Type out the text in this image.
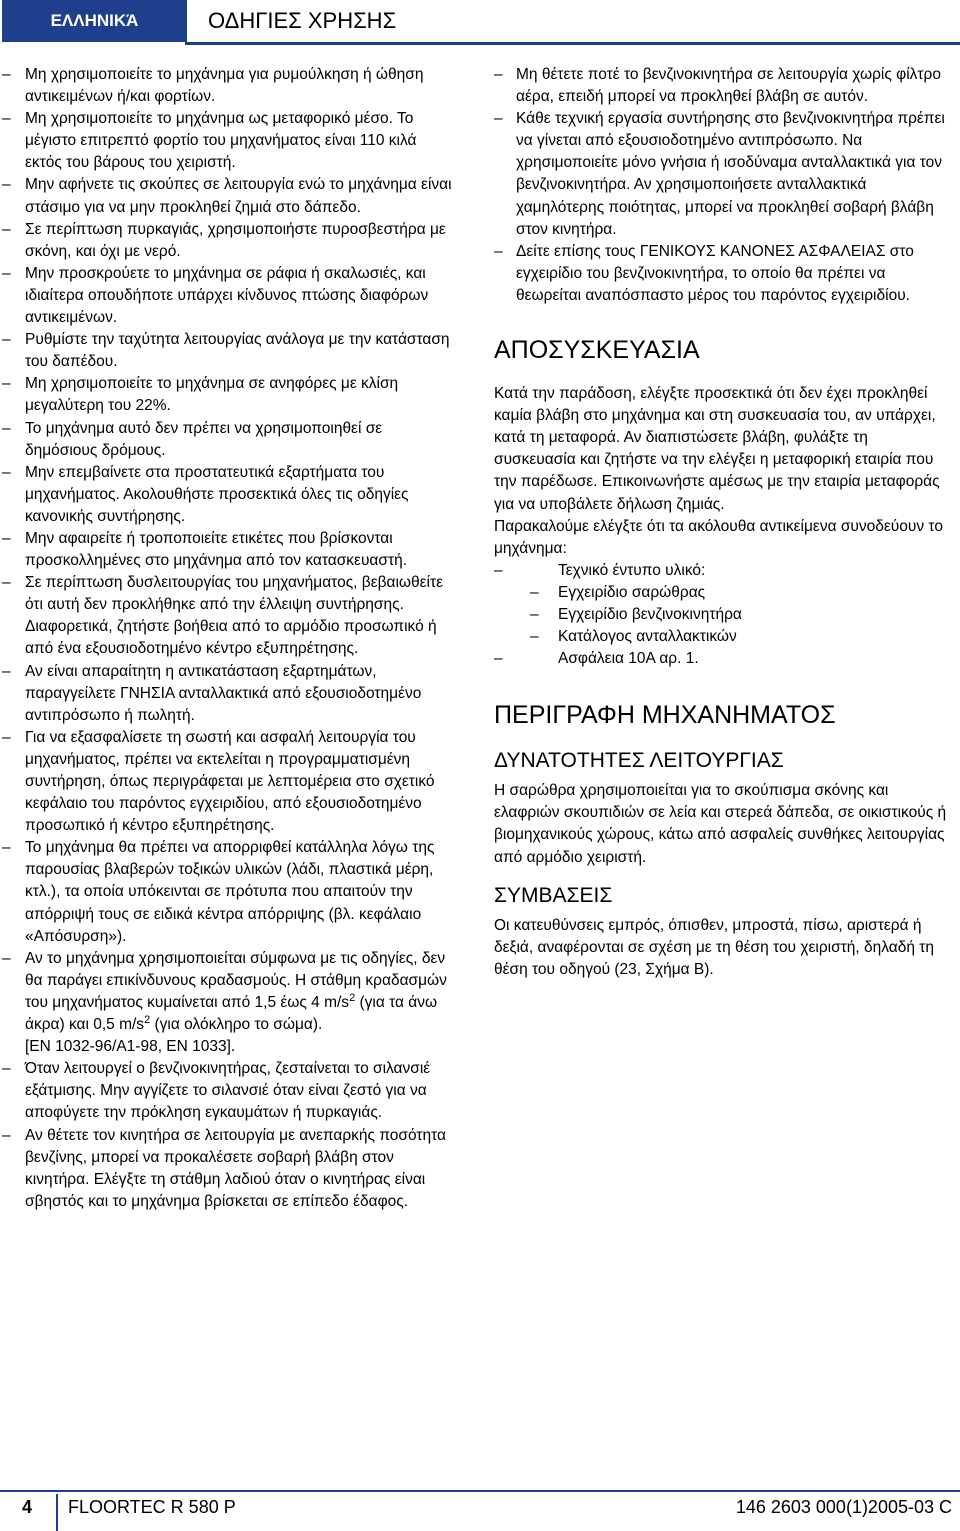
ΕΛΛΗΝΙΚΆ	ΟΔΗΓΙΕΣ ΧΡΗΣΗΣ
– Μη χρησιμοποιείτε το μηχάνημα για ρυμούλκηση ή ώθηση αντικειμένων ή/και φορτίων.
– Μη χρησιμοποιείτε το μηχάνημα ως μεταφορικό μέσο. Το μέγιστο επιτρεπτό φορτίο του μηχανήματος είναι 110 κιλά εκτός του βάρους του χειριστή.
– Μην αφήνετε τις σκούπες σε λειτουργία ενώ το μηχάνημα είναι στάσιμο για να μην προκληθεί ζημιά στο δάπεδο.
– Σε περίπτωση πυρκαγιάς, χρησιμοποιήστε πυροσβεστήρα με σκόνη, και όχι με νερό.
– Μην προσκρούετε το μηχάνημα σε ράφια ή σκαλωσιές, και ιδιαίτερα οπουδήποτε υπάρχει κίνδυνος πτώσης διαφόρων αντικειμένων.
– Ρυθμίστε την ταχύτητα λειτουργίας ανάλογα με την κατάσταση του δαπέδου.
– Μη χρησιμοποιείτε το μηχάνημα σε ανηφόρες με κλίση μεγαλύτερη του 22%.
– Το μηχάνημα αυτό δεν πρέπει να χρησιμοποιηθεί σε δημόσιους δρόμους.
– Μην επεμβαίνετε στα προστατευτικά εξαρτήματα του μηχανήματος. Ακολουθήστε προσεκτικά όλες τις οδηγίες κανονικής συντήρησης.
– Μην αφαιρείτε ή τροποποιείτε ετικέτες που βρίσκονται προσκολλημένες στο μηχάνημα από τον κατασκευαστή.
– Σε περίπτωση δυσλειτουργίας του μηχανήματος, βεβαιωθείτε ότι αυτή δεν προκλήθηκε από την έλλειψη συντήρησης. Διαφορετικά, ζητήστε βοήθεια από το αρμόδιο προσωπικό ή από ένα εξουσιοδοτημένο κέντρο εξυπηρέτησης.
– Αν είναι απαραίτητη η αντικατάσταση εξαρτημάτων, παραγγείλετε ΓΝΗΣΙΑ ανταλλακτικά από εξουσιοδοτημένο αντιπρόσωπο ή πωλητή.
– Για να εξασφαλίσετε τη σωστή και ασφαλή λειτουργία του μηχανήματος, πρέπει να εκτελείται η προγραμματισμένη συντήρηση, όπως περιγράφεται με λεπτομέρεια στο σχετικό κεφάλαιο του παρόντος εγχειριδίου, από εξουσιοδοτημένο προσωπικό ή κέντρο εξυπηρέτησης.
– Το μηχάνημα θα πρέπει να απορριφθεί κατάλληλα λόγω της παρουσίας βλαβερών τοξικών υλικών (λάδι, πλαστικά μέρη, κτλ.), τα οποία υπόκεινται σε πρότυπα που απαιτούν την απόρριψή τους σε ειδικά κέντρα απόρριψης (βλ. κεφάλαιο «Απόσυρση»).
– Αν το μηχάνημα χρησιμοποιείται σύμφωνα με τις οδηγίες, δεν θα παράγει επικίνδυνους κραδασμούς. Η στάθμη κραδασμών του μηχανήματος κυμαίνεται από 1,5 έως 4 $m/s^2$ (για τα άνω άκρα) και 0,5 $m/s^2$ (για ολόκληρο το σώμα).
[EN 1032-96/A1-98, EN 1033].
– Όταν λειτουργεί ο βενζινοκινητήρας, ζεσταίνεται το σιλανσιέ εξάτμισης. Μην αγγίζετε το σιλανσιέ όταν είναι ζεστό για να αποφύγετε την πρόκληση εγκαυμάτων ή πυρκαγιάς.
– Αν θέτετε τον κινητήρα σε λειτουργία με ανεπαρκής ποσότητα βενζίνης, μπορεί να προκαλέσετε σοβαρή βλάβη στον κινητήρα. Ελέγξτε τη στάθμη λαδιού όταν ο κινητήρας είναι σβηστός και το μηχάνημα βρίσκεται σε επίπεδο έδαφος.
– Μη θέτετε ποτέ το βενζινοκινητήρα σε λειτουργία χωρίς φίλτρο αέρα, επειδή μπορεί να προκληθεί βλάβη σε αυτόν.
– Κάθε τεχνική εργασία συντήρησης στο βενζινοκινητήρα πρέπει να γίνεται από εξουσιοδοτημένο αντιπρόσωπο. Να χρησιμοποιείτε μόνο γνήσια ή ισοδύναμα ανταλλακτικά για τον βενζινοκινητήρα. Αν χρησιμοποιήσετε ανταλλακτικά χαμηλότερης ποιότητας, μπορεί να προκληθεί σοβαρή βλάβη στον κινητήρα.
– Δείτε επίσης τους ΓΕΝΙΚΟΥΣ ΚΑΝΟΝΕΣ ΑΣΦΑΛΕΙΑΣ στο εγχειρίδιο του βενζινοκινητήρα, το οποίο θα πρέπει να θεωρείται αναπόσπαστο μέρος του παρόντος εγχειριδίου.
ΑΠΟΣΥΣΚΕΥΑΣΙΑ

Κατά την παράδοση, ελέγξτε προσεκτικά ότι δεν έχει προκληθεί καμία βλάβη στο μηχάνημα και στη συσκευασία του, αν υπάρχει, κατά τη μεταφορά. Αν διαπιστώσετε βλάβη, φυλάξτε τη συσκευασία και ζητήστε να την ελέγξει η μεταφορική εταιρία που την παρέδωσε. Επικοινωνήστε αμέσως με την εταιρία μεταφοράς για να υποβάλετε δήλωση ζημιάς.

Παρακαλούμε ελέγξτε ότι τα ακόλουθα αντικείμενα συνοδεύουν το μηχάνημα:

– Τεχνικό έντυπο υλικό:
– Εγχειρίδιο σαρώθρας
– Εγχειρίδιο βενζινοκινητήρα
– Κατάλογος ανταλλακτικών
– Ασφάλεια 10A αρ. 1.
ΠΕΡΙΓΡΑΦΗ ΜΗΧΑΝΗΜΑΤΟΣ
ΔΥΝΑΤΟΤΗΤΕΣ ΛΕΙΤΟΥΡΓΙΑΣ

Η σαρώθρα χρησιμοποιείται για το σκούπισμα σκόνης και ελαφριών σκουπιδιών σε λεία και στερεά δάπεδα, σε οικιστικούς ή βιομηχανικούς χώρους, κάτω από ασφαλείς συνθήκες λειτουργίας από αρμόδιο χειριστή.

ΣΥΜΒΑΣΕΙΣ

Οι κατευθύνσεις εμπρός, όπισθεν, μπροστά, πίσω, αριστερά ή δεξιά, αναφέρονται σε σχέση με τη θέση του χειριστή, δηλαδή τη θέση του οδηγού (23, Σχήμα B).

4 FLOORTEC R 580 P	146 2603 000(1)2005-03 C
